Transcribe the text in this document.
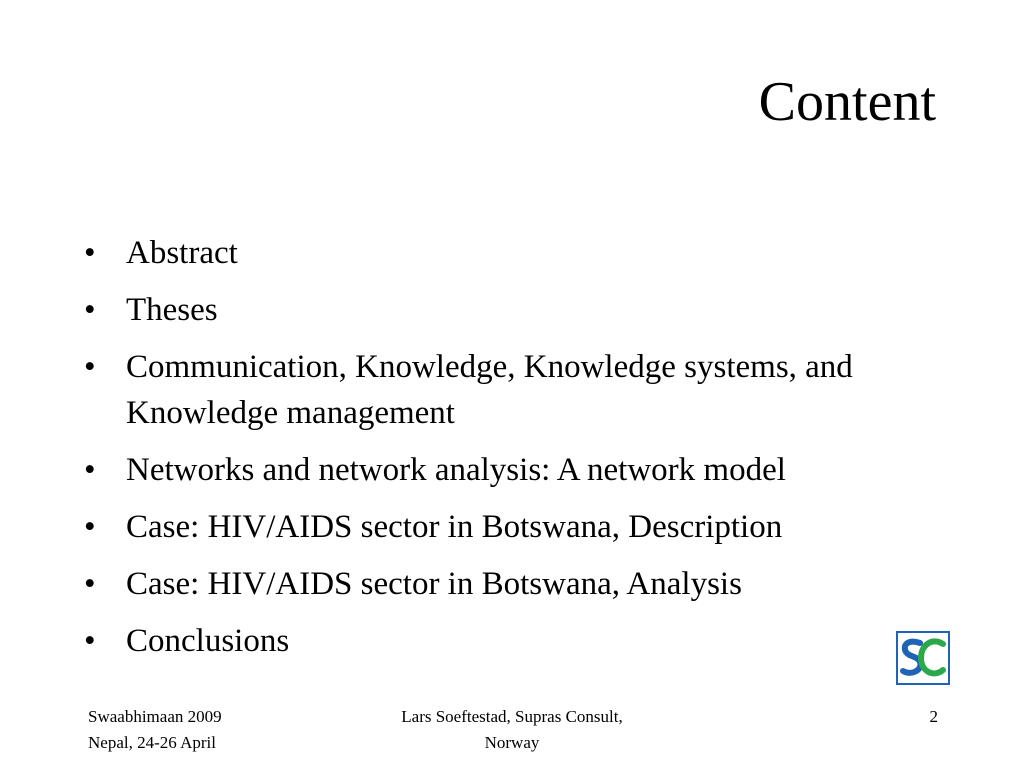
Content
• Abstract
• Theses
• Communication, Knowledge, Knowledge systems, and Knowledge management
• Networks and network analysis: A network model
• Case: HIV/AIDS sector in Botswana, Description
• Case: HIV/AIDS sector in Botswana, Analysis
• Conclusions
Swaabhimaan 2009
Nepal, 24-26 April
Lars Soeftestad, Supras Consult,
Norway
2
